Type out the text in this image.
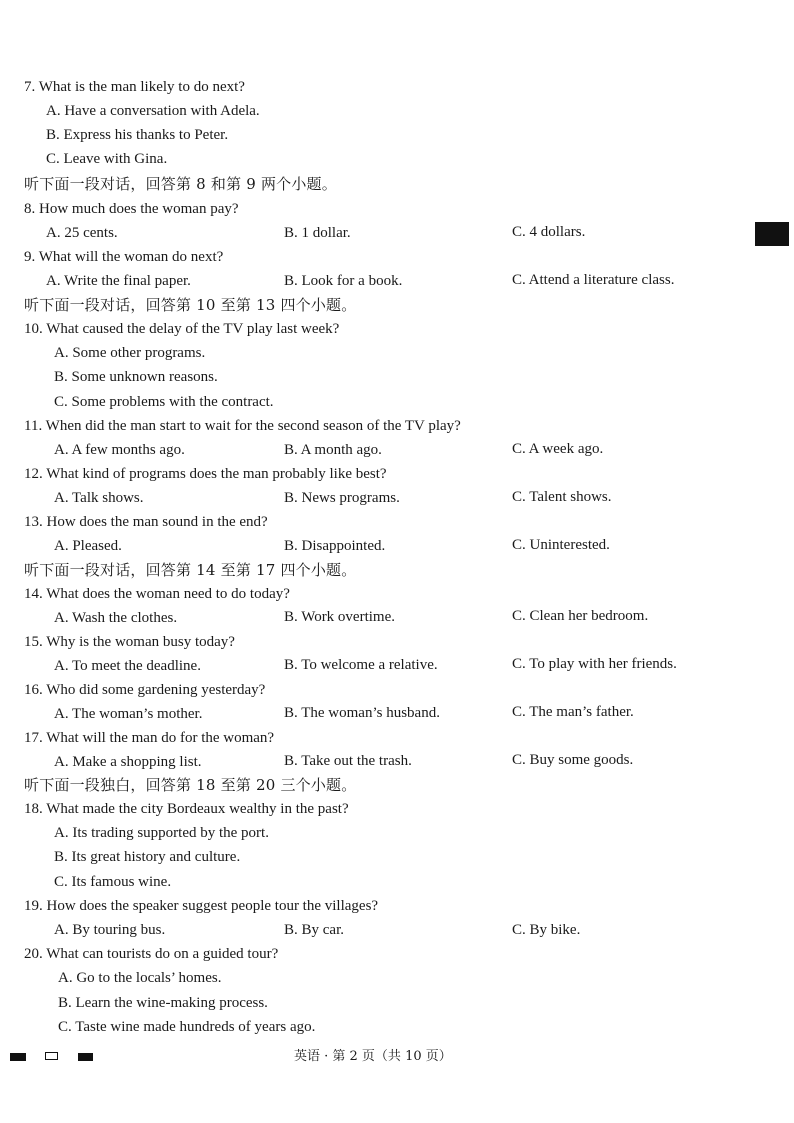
7. What is the man likely to do next?
A. Have a conversation with Adela.
B. Express his thanks to Peter.
C. Leave with Gina.
听下面一段对话，回答第 8 和第 9 两个小题。
8. How much does the woman pay?
A. 25 cents.	B. 1 dollar.	C. 4 dollars.
9. What will the woman do next?
A. Write the final paper.	B. Look for a book.	C. Attend a literature class.
听下面一段对话，回答第 10 至第 13 四个小题。
10. What caused the delay of the TV play last week?
A. Some other programs.
B. Some unknown reasons.
C. Some problems with the contract.
11. When did the man start to wait for the second season of the TV play?
A. A few months ago.	B. A month ago.	C. A week ago.
12. What kind of programs does the man probably like best?
A. Talk shows.	B. News programs.	C. Talent shows.
13. How does the man sound in the end?
A. Pleased.	B. Disappointed.	C. Uninterested.
听下面一段对话，回答第 14 至第 17 四个小题。
14. What does the woman need to do today?
A. Wash the clothes.	B. Work overtime.	C. Clean her bedroom.
15. Why is the woman busy today?
A. To meet the deadline.	B. To welcome a relative.	C. To play with her friends.
16. Who did some gardening yesterday?
A. The woman’s mother.	B. The woman’s husband.	C. The man’s father.
17. What will the man do for the woman?
A. Make a shopping list.	B. Take out the trash.	C. Buy some goods.
听下面一段独白，回答第 18 至第 20 三个小题。
18. What made the city Bordeaux wealthy in the past?
A. Its trading supported by the port.
B. Its great history and culture.
C. Its famous wine.
19. How does the speaker suggest people tour the villages?
A. By touring bus.	B. By car.	C. By bike.
20. What can tourists do on a guided tour?
A. Go to the locals’ homes.
B. Learn the wine-making process.
C. Taste wine made hundreds of years ago.
英语 · 第 2 页（共 10 页）
